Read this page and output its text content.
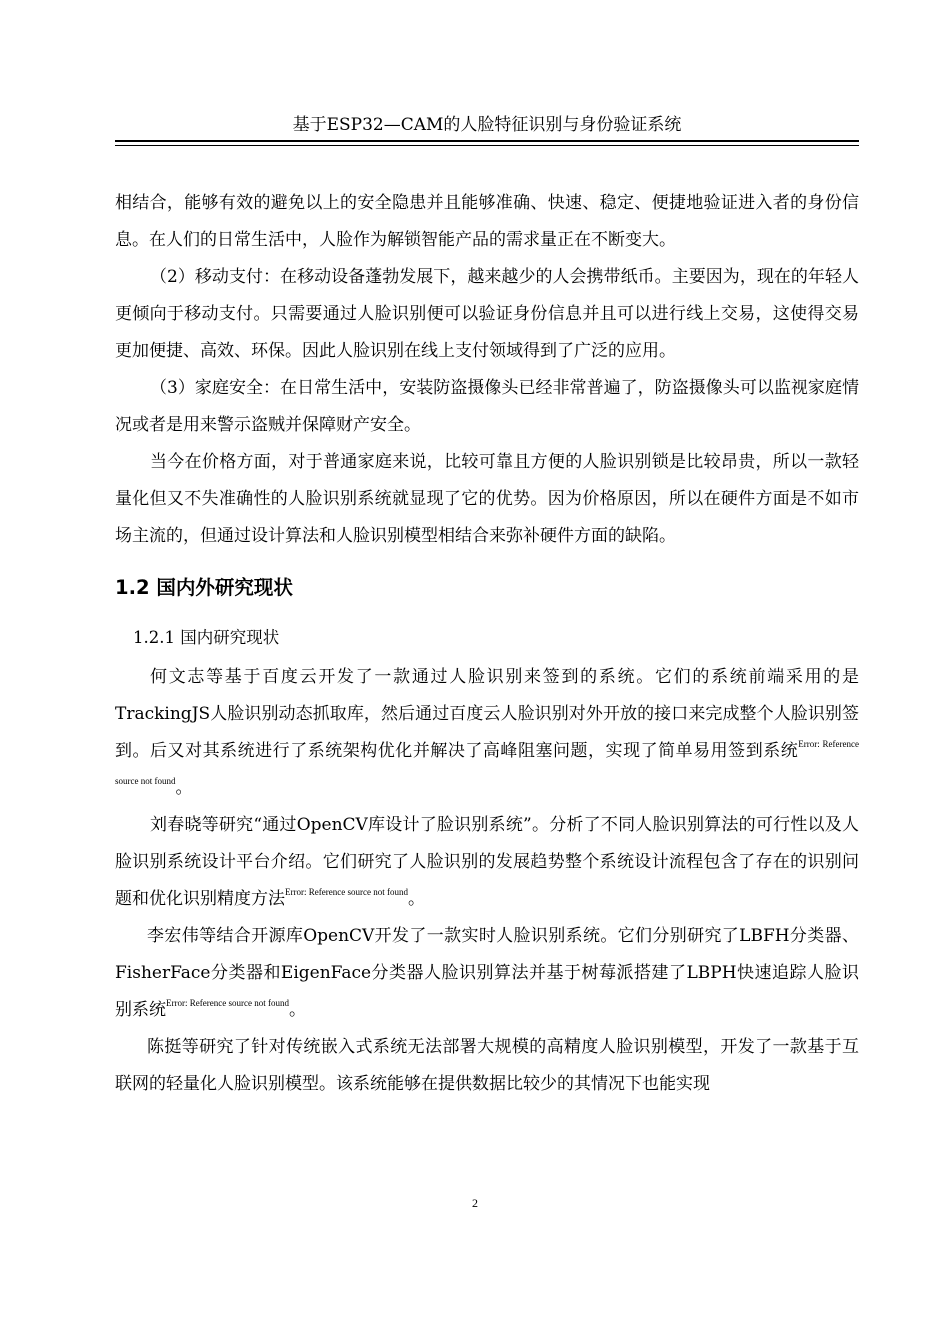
基于ESP32—CAM的人脸特征识别与身份验证系统

相结合，能够有效的避免以上的安全隐患并且能够准确、快速、稳定、便捷地验证进入者的身份信息。在人们的日常生活中，人脸作为解锁智能产品的需求量正在不断变大。

（2）移动支付：在移动设备蓬勃发展下，越来越少的人会携带纸币。主要因为，现在的年轻人更倾向于移动支付。只需要通过人脸识别便可以验证身份信息并且可以进行线上交易，这使得交易更加便捷、高效、环保。因此人脸识别在线上支付领域得到了广泛的应用。

（3）家庭安全：在日常生活中，安装防盗摄像头已经非常普遍了，防盗摄像头可以监视家庭情况或者是用来警示盗贼并保障财产安全。

当今在价格方面，对于普通家庭来说，比较可靠且方便的人脸识别锁是比较昂贵，所以一款轻量化但又不失准确性的人脸识别系统就显现了它的优势。因为价格原因，所以在硬件方面是不如市场主流的，但通过设计算法和人脸识别模型相结合来弥补硬件方面的缺陷。

1.2 国内外研究现状
1.2.1 国内研究现状

何文志等基于百度云开发了一款通过人脸识别来签到的系统。它们的系统前端采用的是TrackingJS人脸识别动态抓取库，然后通过百度云人脸识别对外开放的接口来完成整个人脸识别签到。后又对其系统进行了系统架构优化并解决了高峰阻塞问题，实现了简单易用签到系统$^{Error: Reference source not found}$。

刘春晓等研究“通过OpenCV库设计了脸识别系统”。分析了不同人脸识别算法的可行性以及人脸识别系统设计平台介绍。它们研究了人脸识别的发展趋势整个系统设计流程包含了存在的识别问题和优化识别精度方法$^{Error: Reference source not found}$。

李宏伟等结合开源库OpenCV开发了一款实时人脸识别系统。它们分别研究了LBFH分类器、FisherFace分类器和EigenFace分类器人脸识别算法并基于树莓派搭建了LBPH快速追踪人脸识别系统$^{Error: Reference source not found}$。

陈挺等研究了针对传统嵌入式系统无法部署大规模的高精度人脸识别模型，开发了一款基于互联网的轻量化人脸识别模型。该系统能够在提供数据比较少的其情况下也能实现

2
